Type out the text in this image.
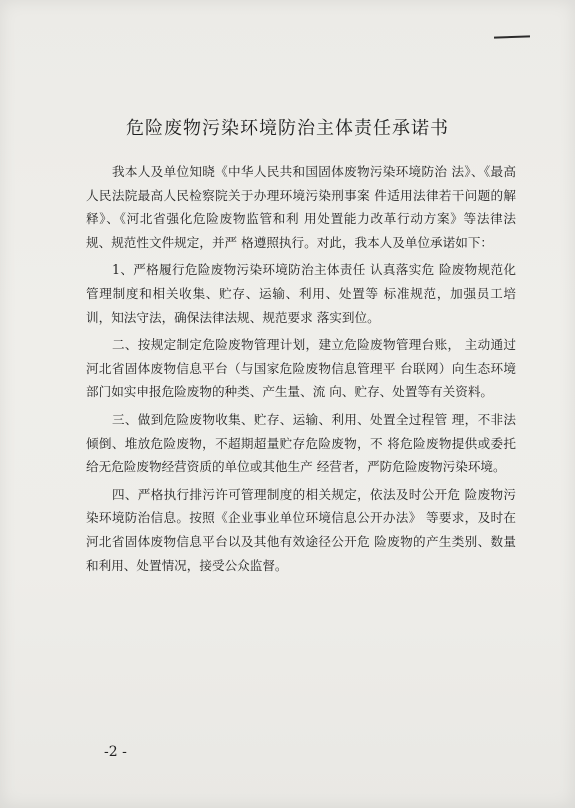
危险废物污染环境防治主体责任承诺书

我本人及单位知晓《中华人民共和国固体废物污染环境防治 法》、《最高人民法院最高人民检察院关于办理环境污染刑事案 件适用法律若干问题的解释》、《河北省强化危险废物监管和利 用处置能力改革行动方案》等法律法规、规范性文件规定，并严 格遵照执行。对此，我本人及单位承诺如下：

1、严格履行危险废物污染环境防治主体责任 认真落实危 险废物规范化管理制度和相关收集、贮存、运输、利用、处置等 标准规范，加强员工培训，知法守法，确保法律法规、规范要求 落实到位。

二、按规定制定危险废物管理计划，建立危险废物管理台账， 主动通过河北省固体废物信息平台（与国家危险废物信息管理平 台联网）向生态环境部门如实申报危险废物的种类、产生量、流 向、贮存、处置等有关资料。

三、做到危险废物收集、贮存、运输、利用、处置全过程管 理，不非法倾倒、堆放危险废物，不超期超量贮存危险废物，不 将危险废物提供或委托给无危险废物经营资质的单位或其他生产 经营者，严防危险废物污染环境。

四、严格执行排污许可管理制度的相关规定，依法及时公开危 险废物污染环境防治信息。按照《企业事业单位环境信息公开办法》 等要求，及时在河北省固体废物信息平台以及其他有效途径公开危 险废物的产生类别、数量和利用、处置情况，接受公众监督。

-2 -
